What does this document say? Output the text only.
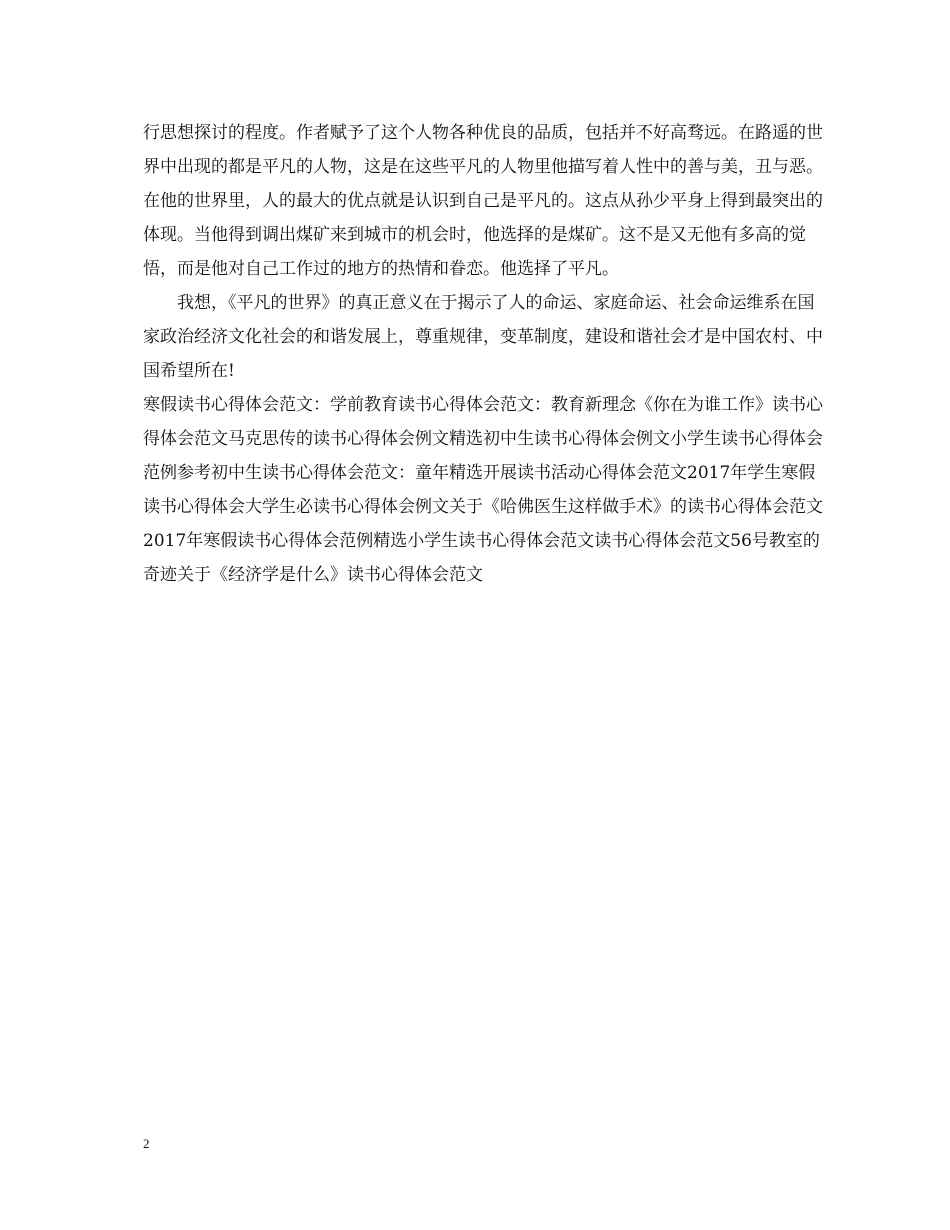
行思想探讨的程度。作者赋予了这个人物各种优良的品质，包括并不好高骛远。在路遥的世界中出现的都是平凡的人物，这是在这些平凡的人物里他描写着人性中的善与美，丑与恶。在他的世界里，人的最大的优点就是认识到自己是平凡的。这点从孙少平身上得到最突出的体现。当他得到调出煤矿来到城市的机会时，他选择的是煤矿。这不是又无他有多高的觉悟，而是他对自己工作过的地方的热情和眷恋。他选择了平凡。

我想，《平凡的世界》的真正意义在于揭示了人的命运、家庭命运、社会命运维系在国家政治经济文化社会的和谐发展上，尊重规律，变革制度，建设和谐社会才是中国农村、中国希望所在!

寒假读书心得体会范文：学前教育读书心得体会范文：教育新理念《你在为谁工作》读书心得体会范文马克思传的读书心得体会例文精选初中生读书心得体会例文小学生读书心得体会范例参考初中生读书心得体会范文：童年精选开展读书活动心得体会范文2017年学生寒假读书心得体会大学生必读书心得体会例文关于《哈佛医生这样做手术》的读书心得体会范文2017年寒假读书心得体会范例精选小学生读书心得体会范文读书心得体会范文56号教室的奇迹关于《经济学是什么》读书心得体会范文

2
